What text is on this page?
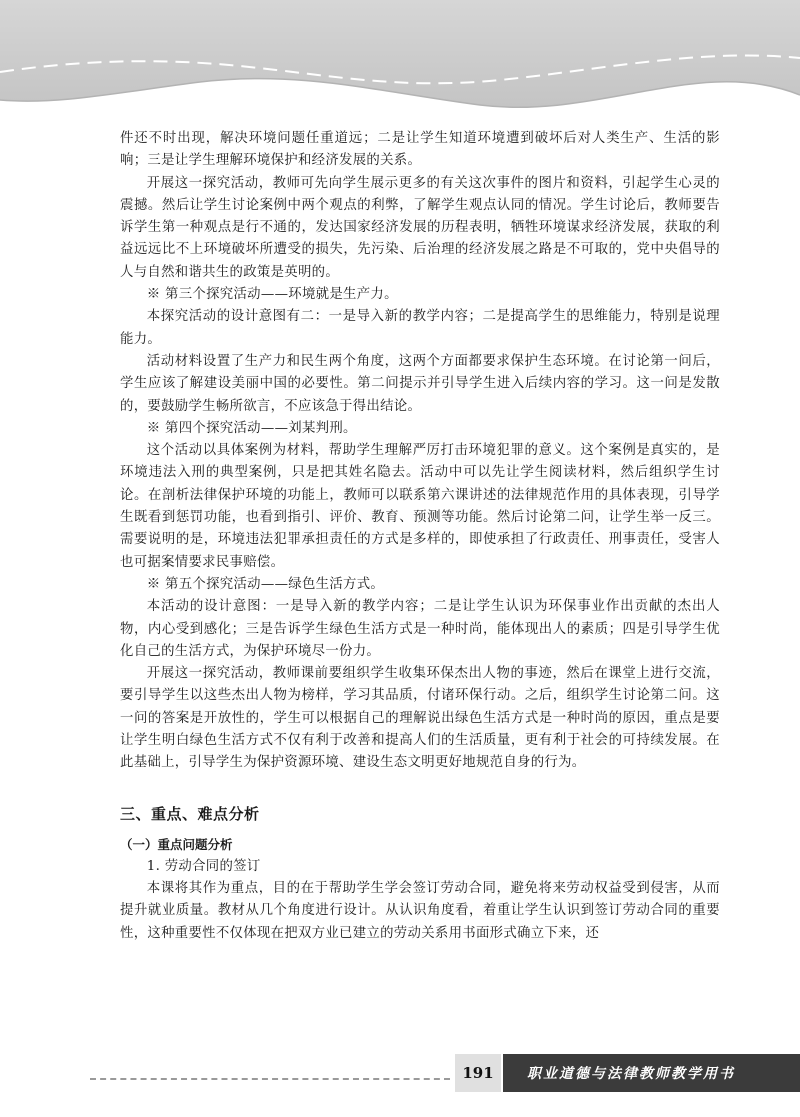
件还不时出现，解决环境问题任重道远；二是让学生知道环境遭到破坏后对人类生产、生活的影响；三是让学生理解环境保护和经济发展的关系。

开展这一探究活动，教师可先向学生展示更多的有关这次事件的图片和资料，引起学生心灵的震撼。然后让学生讨论案例中两个观点的利弊，了解学生观点认同的情况。学生讨论后，教师要告诉学生第一种观点是行不通的，发达国家经济发展的历程表明，牺牲环境谋求经济发展，获取的利益远远比不上环境破坏所遭受的损失，先污染、后治理的经济发展之路是不可取的，党中央倡导的人与自然和谐共生的政策是英明的。

※ 第三个探究活动——环境就是生产力。

本探究活动的设计意图有二：一是导入新的教学内容；二是提高学生的思维能力，特别是说理能力。

活动材料设置了生产力和民生两个角度，这两个方面都要求保护生态环境。在讨论第一问后，学生应该了解建设美丽中国的必要性。第二问提示并引导学生进入后续内容的学习。这一问是发散的，要鼓励学生畅所欲言，不应该急于得出结论。

※ 第四个探究活动——刘某判刑。

这个活动以具体案例为材料，帮助学生理解严厉打击环境犯罪的意义。这个案例是真实的，是环境违法入刑的典型案例，只是把其姓名隐去。活动中可以先让学生阅读材料，然后组织学生讨论。在剖析法律保护环境的功能上，教师可以联系第六课讲述的法律规范作用的具体表现，引导学生既看到惩罚功能，也看到指引、评价、教育、预测等功能。然后讨论第二问，让学生举一反三。需要说明的是，环境违法犯罪承担责任的方式是多样的，即使承担了行政责任、刑事责任，受害人也可据案情要求民事赔偿。

※ 第五个探究活动——绿色生活方式。

本活动的设计意图：一是导入新的教学内容；二是让学生认识为环保事业作出贡献的杰出人物，内心受到感化；三是告诉学生绿色生活方式是一种时尚，能体现出人的素质；四是引导学生优化自己的生活方式，为保护环境尽一份力。

开展这一探究活动，教师课前要组织学生收集环保杰出人物的事迹，然后在课堂上进行交流，要引导学生以这些杰出人物为榜样，学习其品质，付诸环保行动。之后，组织学生讨论第二问。这一问的答案是开放性的，学生可以根据自己的理解说出绿色生活方式是一种时尚的原因，重点是要让学生明白绿色生活方式不仅有利于改善和提高人们的生活质量，更有利于社会的可持续发展。在此基础上，引导学生为保护资源环境、建设生态文明更好地规范自身的行为。

三、重点、难点分析
（一）重点问题分析
1. 劳动合同的签订

本课将其作为重点，目的在于帮助学生学会签订劳动合同，避免将来劳动权益受到侵害，从而提升就业质量。教材从几个角度进行设计。从认识角度看，着重让学生认识到签订劳动合同的重要性，这种重要性不仅体现在把双方业已建立的劳动关系用书面形式确立下来，还

191	职业道德与法律教师教学用书
